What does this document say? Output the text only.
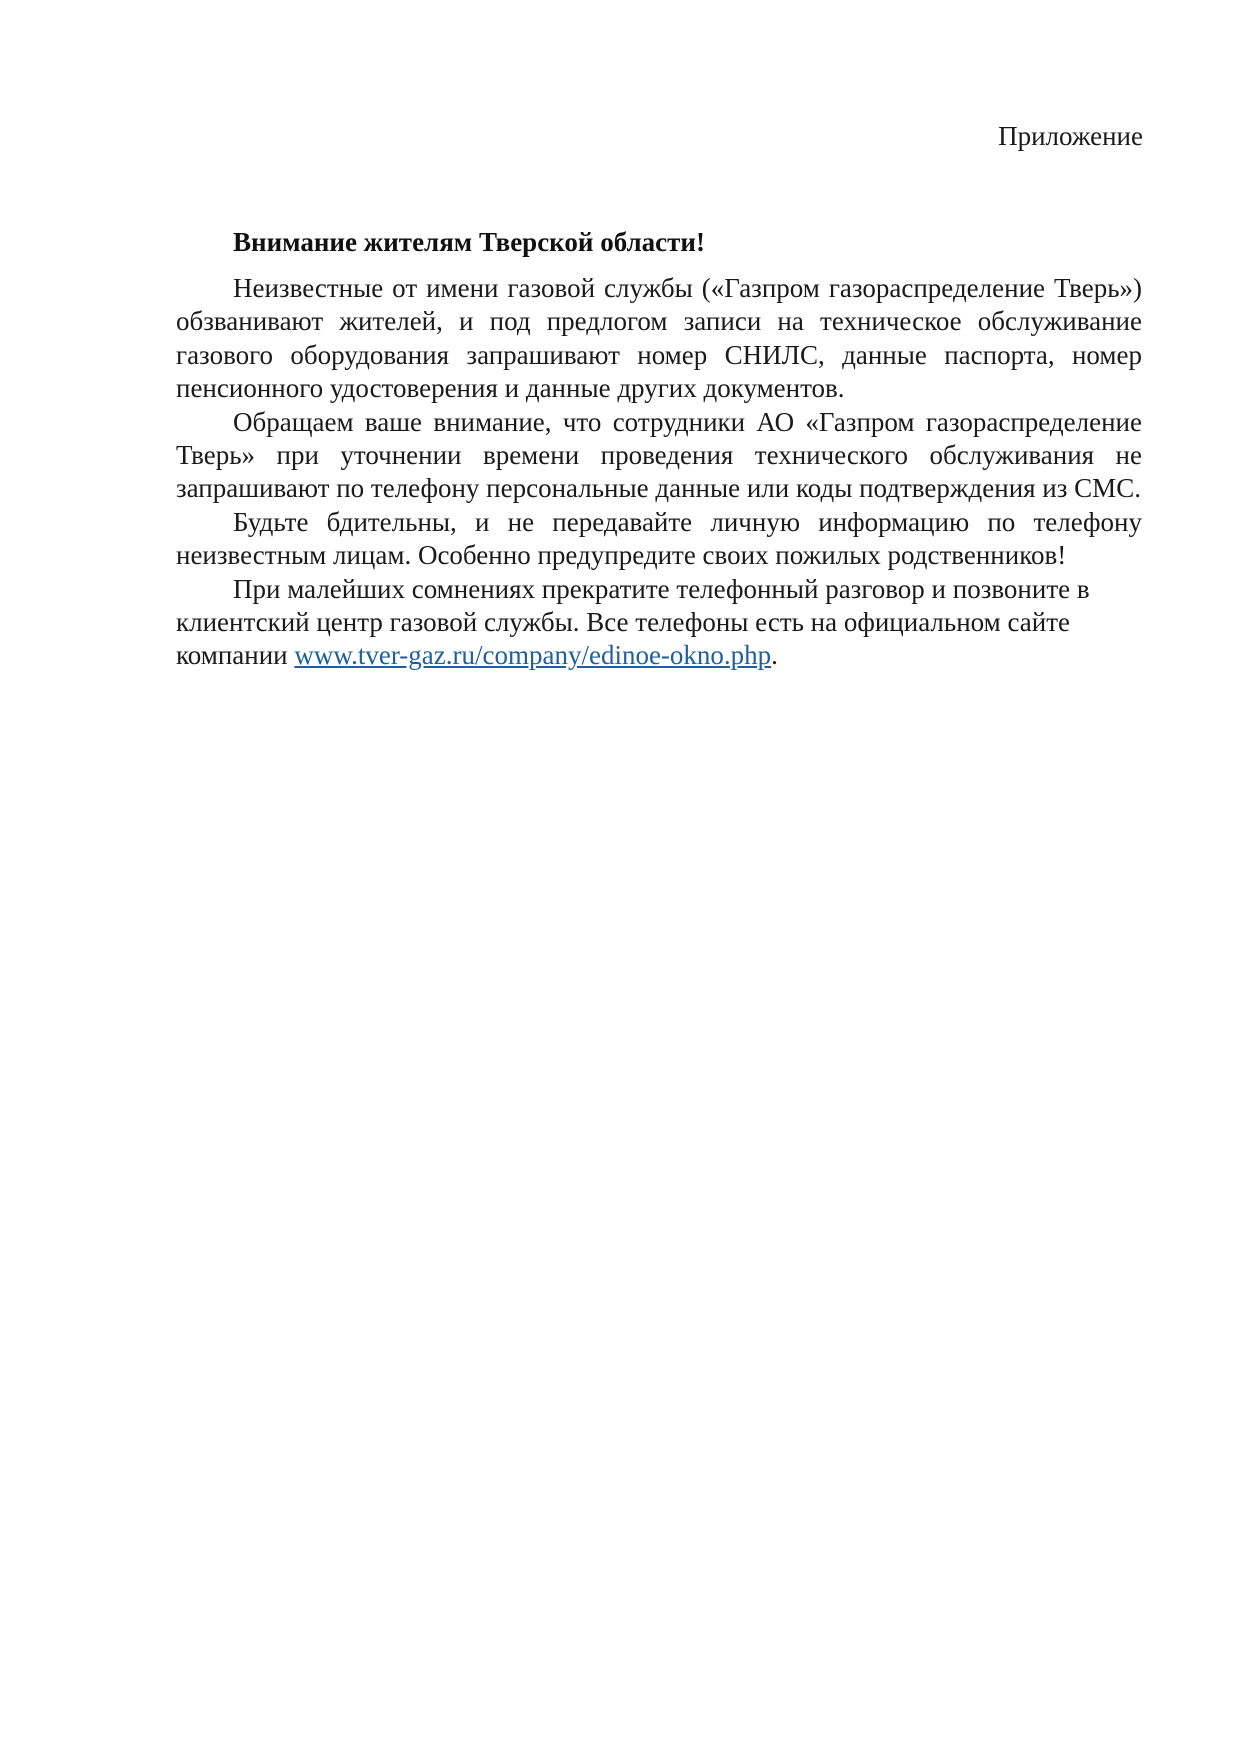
Приложение
Внимание жителям Тверской области!

Неизвестные от имени газовой службы («Газпром газораспределение Тверь») обзванивают жителей, и под предлогом записи на техническое обслуживание газового оборудования запрашивают номер СНИЛС, данные паспорта, номер пенсионного удостоверения и данные других документов.

Обращаем ваше внимание, что сотрудники АО «Газпром газораспределение Тверь» при уточнении времени проведения технического обслуживания не запрашивают по телефону персональные данные или коды подтверждения из СМС.

Будьте бдительны, и не передавайте личную информацию по телефону неизвестным лицам. Особенно предупредите своих пожилых родственников!

При малейших сомнениях прекратите телефонный разговор и позвоните в клиентский центр газовой службы. Все телефоны есть на официальном сайте компании www.tver-gaz.ru/company/edinoe-okno.php.
